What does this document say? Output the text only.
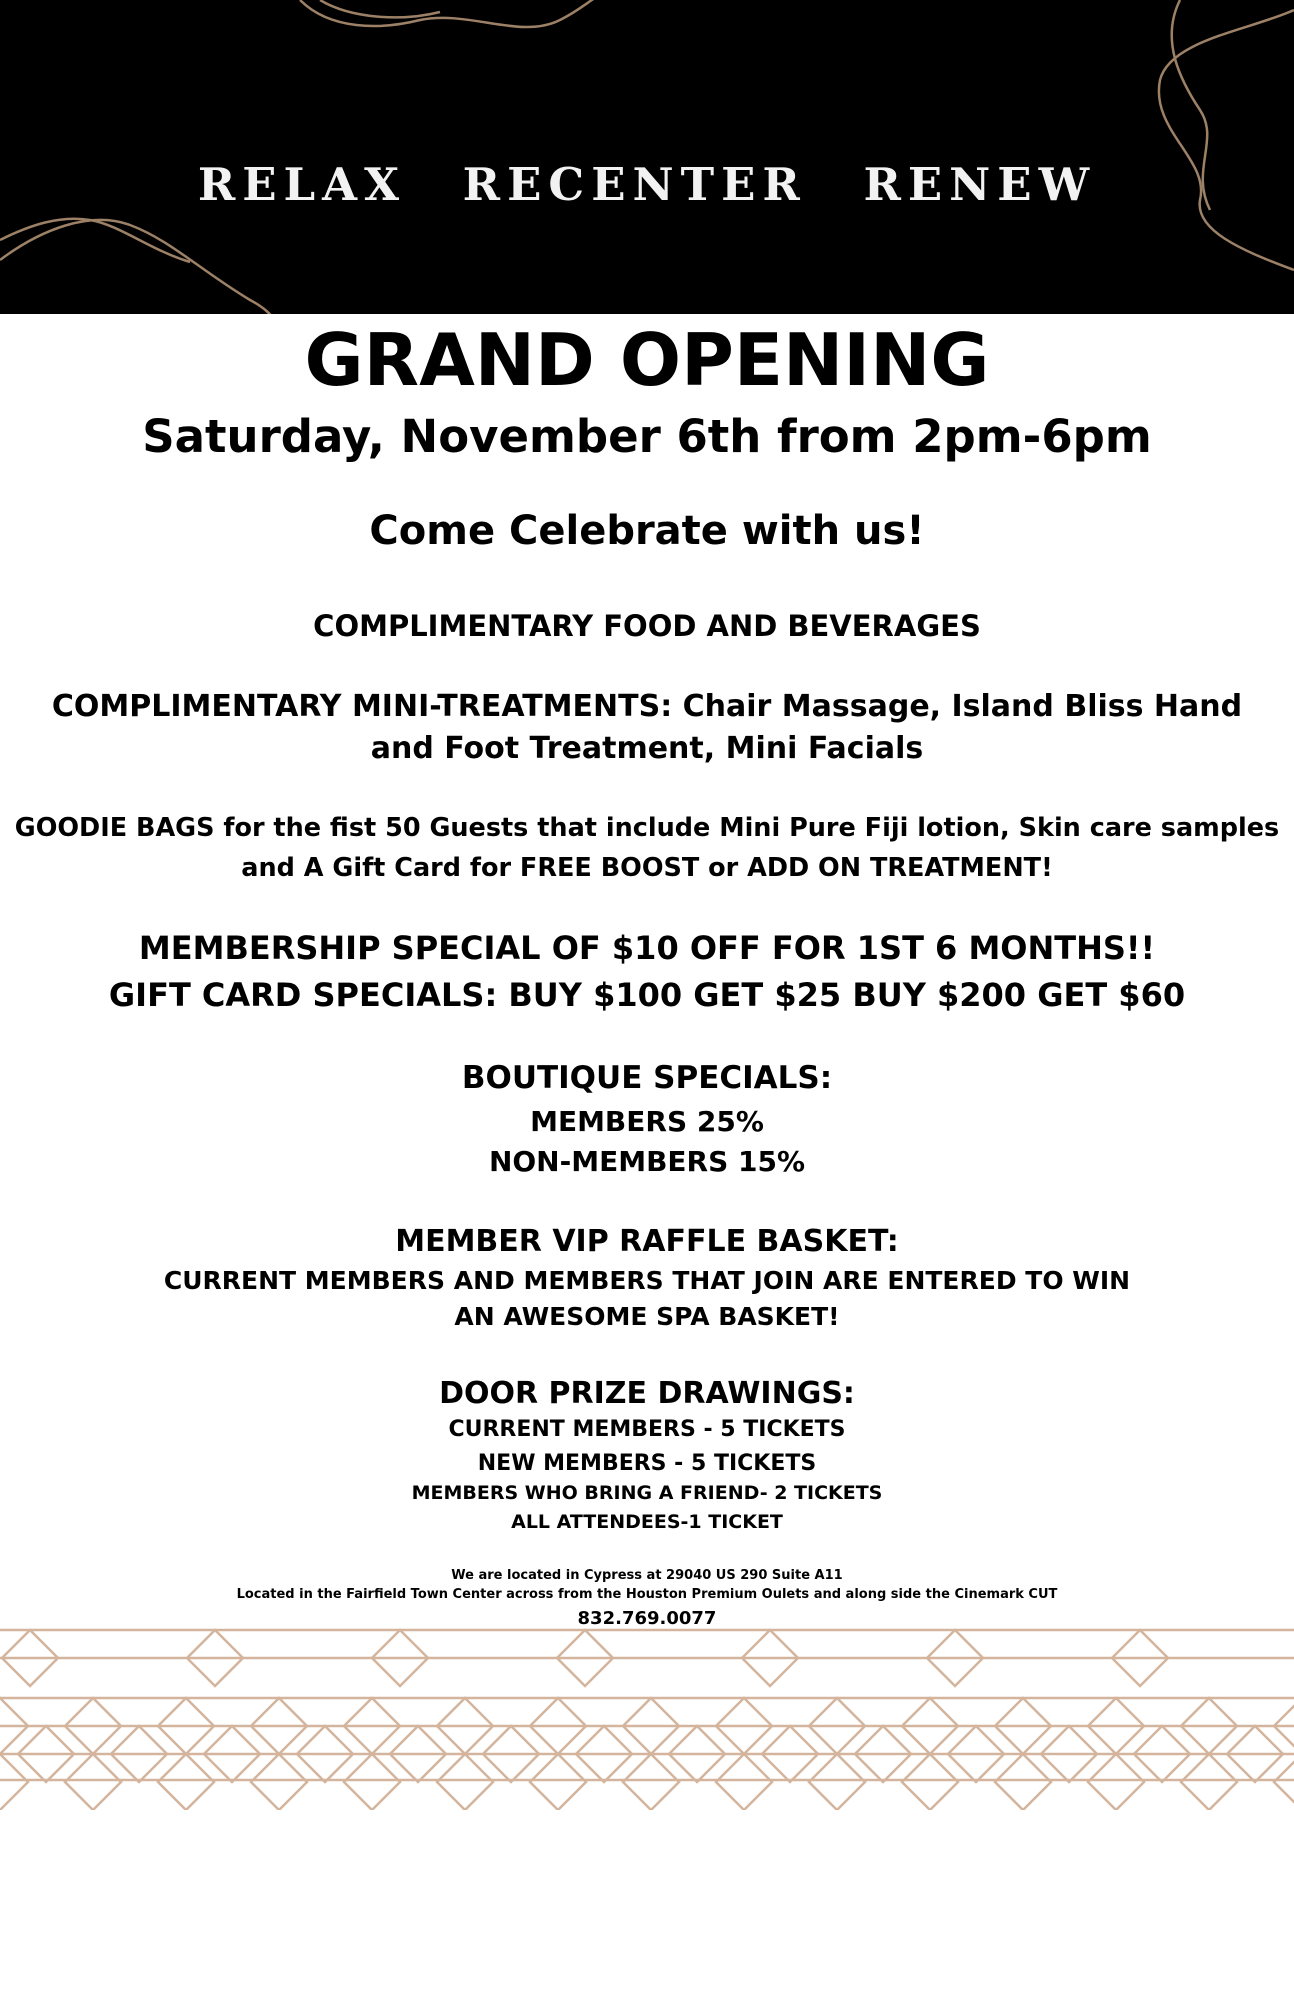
RELAX RECENTER RENEW
GRAND OPENING
Saturday, November 6th from 2pm-6pm
Come Celebrate with us!
COMPLIMENTARY FOOD AND BEVERAGES
COMPLIMENTARY MINI-TREATMENTS: Chair Massage, Island Bliss Hand
and Foot Treatment, Mini Facials
GOODIE BAGS for the fist 50 Guests that include Mini Pure Fiji lotion, Skin care samples
and A Gift Card for FREE BOOST or ADD ON TREATMENT!
MEMBERSHIP SPECIAL OF $10 OFF FOR 1ST 6 MONTHS!!
GIFT CARD SPECIALS: BUY $100 GET $25 BUY $200 GET $60
BOUTIQUE SPECIALS:
MEMBERS 25%
NON-MEMBERS 15%
MEMBER VIP RAFFLE BASKET:
CURRENT MEMBERS AND MEMBERS THAT JOIN ARE ENTERED TO WIN
AN AWESOME SPA BASKET!
DOOR PRIZE DRAWINGS:
CURRENT MEMBERS - 5 TICKETS
NEW MEMBERS - 5 TICKETS
MEMBERS WHO BRING A FRIEND- 2 TICKETS
ALL ATTENDEES-1 TICKET
We are located in Cypress at 29040 US 290 Suite A11
Located in the Fairfield Town Center across from the Houston Premium Oulets and along side the Cinemark CUT
832.769.0077
